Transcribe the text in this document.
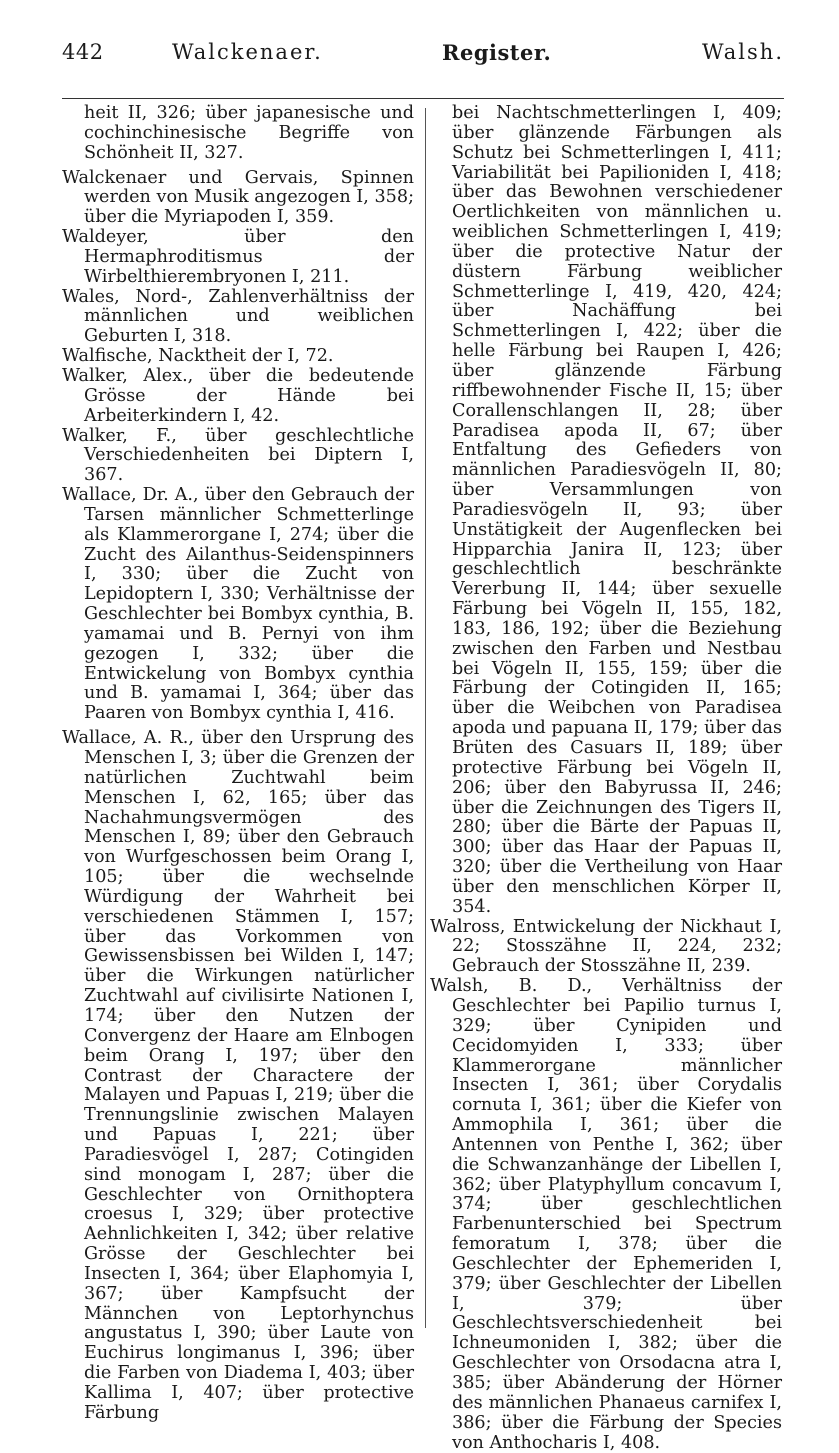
442	Walckenaer.	Register.	Walsh.
heit II, 326; über japanesische und cochinchinesische Begriffe von Schönheit II, 327.
Walckenaer und Gervais, Spinnen werden von Musik angezogen I, 358; über die Myriapoden I, 359.
Waldeyer, über den Hermaphroditismus der Wirbelthierembryonen I, 211.
Wales, Nord-, Zahlenverhältniss der männlichen und weiblichen Geburten I, 318.
Walfische, Nacktheit der I, 72.
Walker, Alex., über die bedeutende Grösse der Hände bei Arbeiterkindern I, 42.
Walker, F., über geschlechtliche Verschiedenheiten bei Diptern I, 367.
Wallace, Dr. A., über den Gebrauch der Tarsen männlicher Schmetterlinge als Klammerorgane I, 274; über die Zucht des Ailanthus-Seidenspinners I, 330; über die Zucht von Lepidoptern I, 330; Verhältnisse der Geschlechter bei Bombyx cynthia, B. yamamai und B. Pernyi von ihm gezogen I, 332; über die Entwickelung von Bombyx cynthia und B. yamamai I, 364; über das Paaren von Bombyx cynthia I, 416.
Wallace, A. R., über den Ursprung des Menschen I, 3; über die Grenzen der natürlichen Zuchtwahl beim Menschen I, 62, 165; über das Nachahmungsvermögen des Menschen I, 89; über den Gebrauch von Wurfgeschossen beim Orang I, 105; über die wechselnde Würdigung der Wahrheit bei verschiedenen Stämmen I, 157; über das Vorkommen von Gewissensbissen bei Wilden I, 147; über die Wirkungen natürlicher Zuchtwahl auf civilisirte Nationen I, 174; über den Nutzen der Convergenz der Haare am Elnbogen beim Orang I, 197; über den Contrast der Charactere der Malayen und Papuas I, 219; über die Trennungslinie zwischen Malayen und Papuas I, 221; über Paradiesvögel I, 287; Cotingiden sind monogam I, 287; über die Geschlechter von Ornithoptera croesus I, 329; über protective Aehnlichkeiten I, 342; über relative Grösse der Geschlechter bei Insecten I, 364; über Elaphomyia I, 367; über Kampfsucht der Männchen von Leptorhynchus angustatus I, 390; über Laute von Euchirus longimanus I, 396; über die Farben von Diadema I, 403; über Kallima I, 407; über protective Färbung
bei Nachtschmetterlingen I, 409; über glänzende Färbungen als Schutz bei Schmetterlingen I, 411; Variabilität bei Papilioniden I, 418; über das Bewohnen verschiedener Oertlichkeiten von männlichen u. weiblichen Schmetterlingen I, 419; über die protective Natur der düstern Färbung weiblicher Schmetterlinge I, 419, 420, 424; über Nachäffung bei Schmetterlingen I, 422; über die helle Färbung bei Raupen I, 426; über glänzende Färbung riffbewohnender Fische II, 15; über Corallenschlangen II, 28; über Paradisea apoda II, 67; über Entfaltung des Gefieders von männlichen Paradiesvögeln II, 80; über Versammlungen von Paradiesvögeln II, 93; über Unstätigkeit der Augenflecken bei Hipparchia Janira II, 123; über geschlechtlich beschränkte Vererbung II, 144; über sexuelle Färbung bei Vögeln II, 155, 182, 183, 186, 192; über die Beziehung zwischen den Farben und Nestbau bei Vögeln II, 155, 159; über die Färbung der Cotingiden II, 165; über die Weibchen von Paradisea apoda und papuana II, 179; über das Brüten des Casuars II, 189; über protective Färbung bei Vögeln II, 206; über den Babyrussa II, 246; über die Zeichnungen des Tigers II, 280; über die Bärte der Papuas II, 300; über das Haar der Papuas II, 320; über die Vertheilung von Haar über den menschlichen Körper II, 354.
Walross, Entwickelung der Nickhaut I, 22; Stosszähne II, 224, 232; Gebrauch der Stosszähne II, 239.
Walsh, B. D., Verhältniss der Geschlechter bei Papilio turnus I, 329; über Cynipiden und Cecidomyiden I, 333; über Klammerorgane männlicher Insecten I, 361; über Corydalis cornuta I, 361; über die Kiefer von Ammophila I, 361; über die Antennen von Penthe I, 362; über die Schwanzanhänge der Libellen I, 362; über Platyphyllum concavum I, 374; über geschlechtlichen Farbenunterschied bei Spectrum femoratum I, 378; über die Geschlechter der Ephemeriden I, 379; über Geschlechter der Libellen I, 379; über Geschlechtsverschiedenheit bei Ichneumoniden I, 382; über die Geschlechter von Orsodacna atra I, 385; über Abänderung der Hörner des männlichen Phanaeus carnifex I, 386; über die Färbung der Species von Anthocharis I, 408.
